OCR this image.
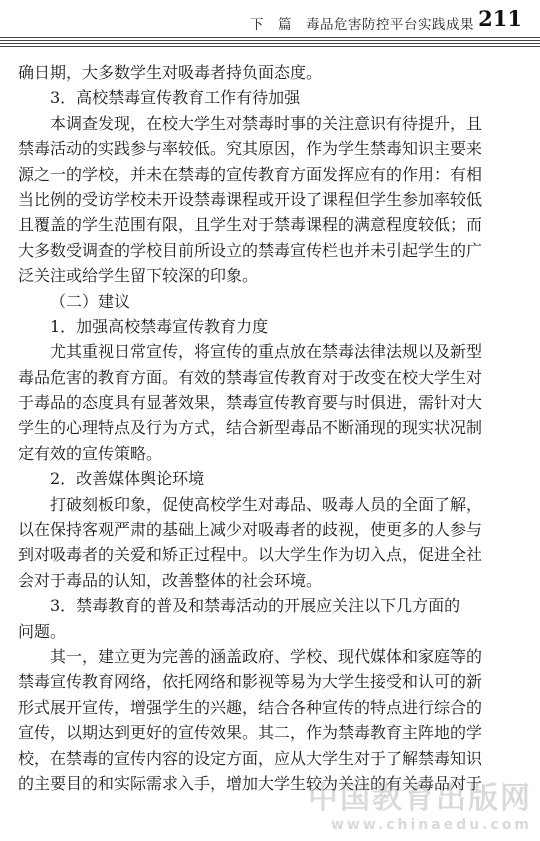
下　篇 毒品危害防控平台实践成果 211
确日期，大多数学生对吸毒者持负面态度。
3．高校禁毒宣传教育工作有待加强
本调查发现，在校大学生对禁毒时事的关注意识有待提升，且
禁毒活动的实践参与率较低。究其原因，作为学生禁毒知识主要来
源之一的学校，并未在禁毒的宣传教育方面发挥应有的作用：有相
当比例的受访学校未开设禁毒课程或开设了课程但学生参加率较低
且覆盖的学生范围有限，且学生对于禁毒课程的满意程度较低；而
大多数受调查的学校目前所设立的禁毒宣传栏也并未引起学生的广
泛关注或给学生留下较深的印象。
（二）建议
1．加强高校禁毒宣传教育力度
尤其重视日常宣传，将宣传的重点放在禁毒法律法规以及新型
毒品危害的教育方面。有效的禁毒宣传教育对于改变在校大学生对
于毒品的态度具有显著效果，禁毒宣传教育要与时俱进，需针对大
学生的心理特点及行为方式，结合新型毒品不断涌现的现实状况制
定有效的宣传策略。
2．改善媒体舆论环境
打破刻板印象，促使高校学生对毒品、吸毒人员的全面了解，
以在保持客观严肃的基础上减少对吸毒者的歧视，使更多的人参与
到对吸毒者的关爱和矫正过程中。以大学生作为切入点，促进全社
会对于毒品的认知，改善整体的社会环境。
3．禁毒教育的普及和禁毒活动的开展应关注以下几方面的
问题。
其一，建立更为完善的涵盖政府、学校、现代媒体和家庭等的
禁毒宣传教育网络，依托网络和影视等易为大学生接受和认可的新
形式展开宣传，增强学生的兴趣，结合各种宣传的特点进行综合的
宣传，以期达到更好的宣传效果。其二，作为禁毒教育主阵地的学
校，在禁毒的宣传内容的设定方面，应从大学生对于了解禁毒知识
的主要目的和实际需求入手，增加大学生较为关注的有关毒品对于
中国教育出版网
www.chinaedu.com
